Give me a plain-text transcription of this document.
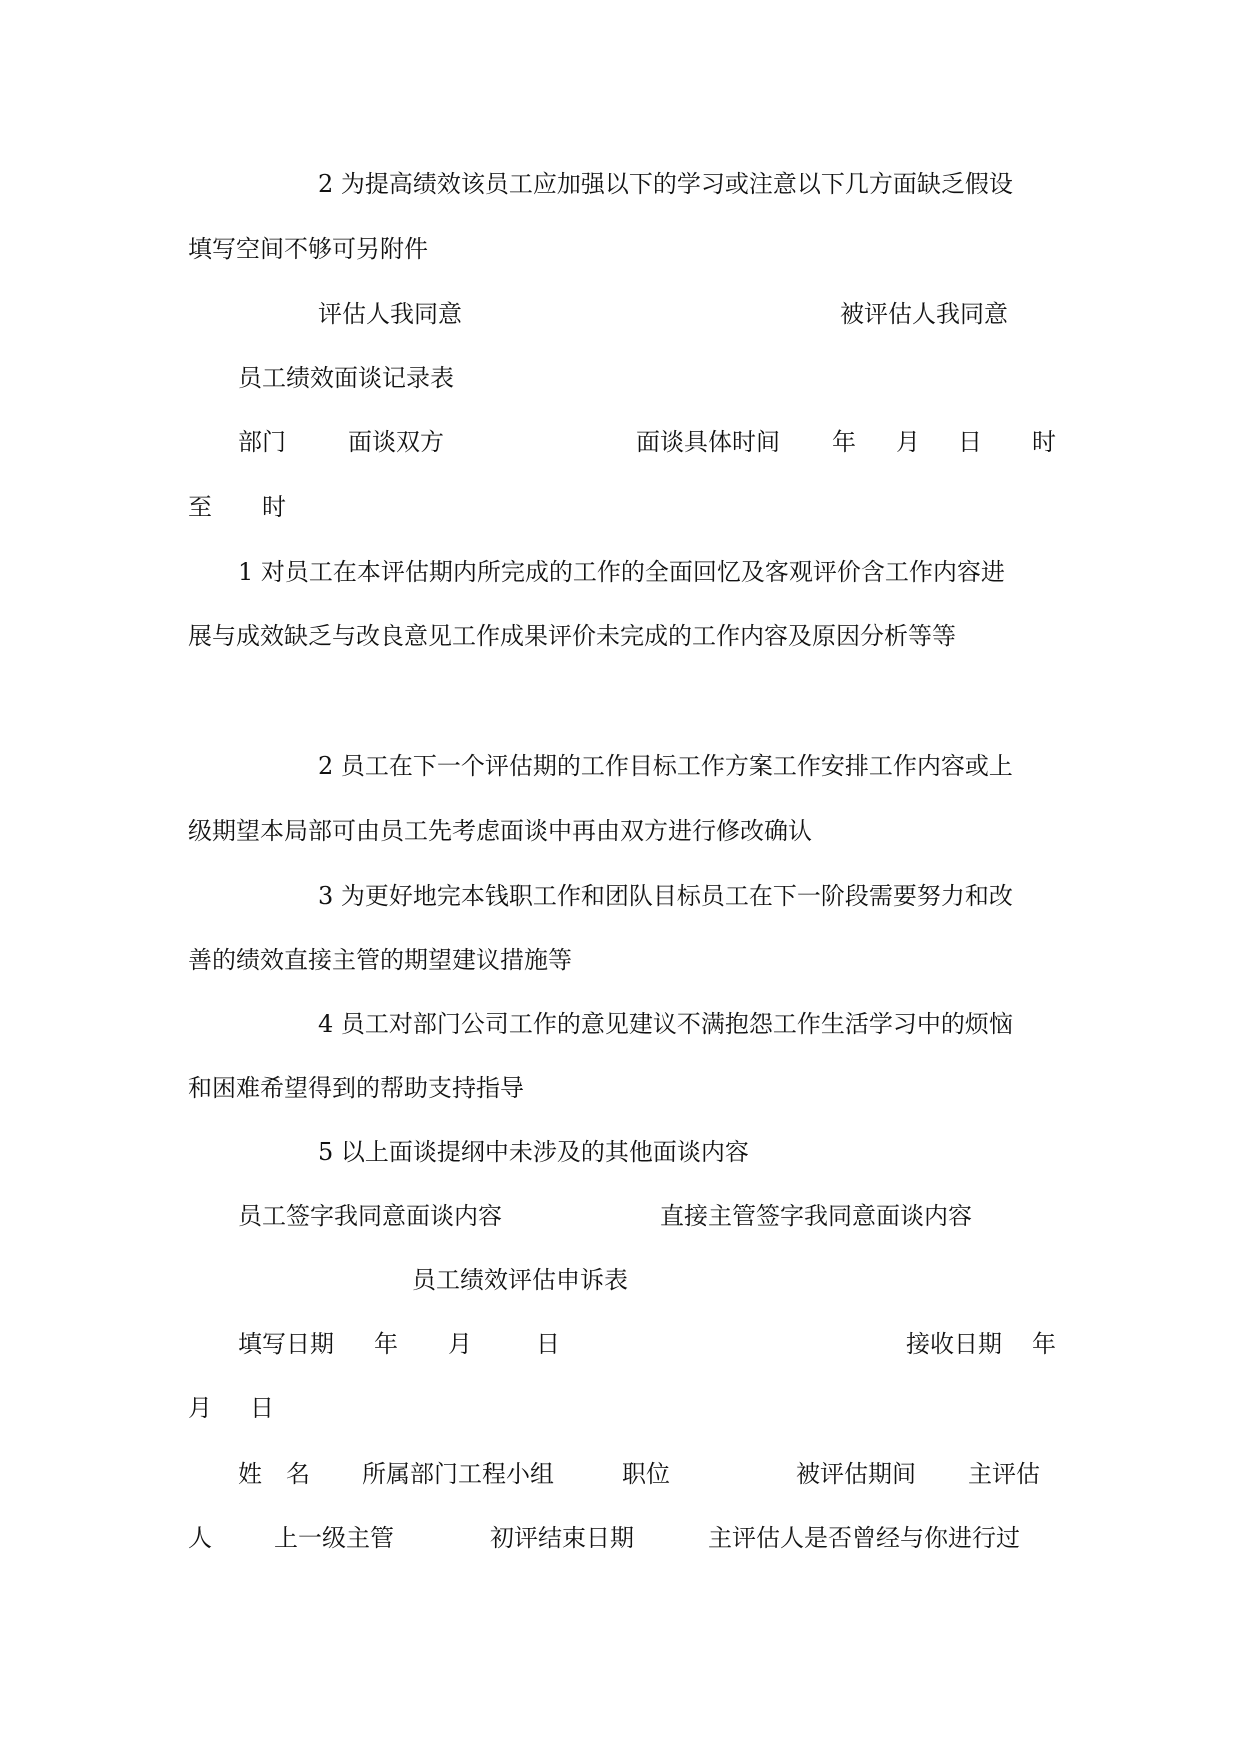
2 为提高绩效该员工应加强以下的学习或注意以下几方面缺乏假设
填写空间不够可另附件
评估人我同意	被评估人我同意
员工绩效面谈记录表
部门	面谈双方	面谈具体时间 年 月 日 时
至 时
1 对员工在本评估期内所完成的工作的全面回忆及客观评价含工作内容进
展与成效缺乏与改良意见工作成果评价未完成的工作内容及原因分析等等
2 员工在下一个评估期的工作目标工作方案工作安排工作内容或上
级期望本局部可由员工先考虑面谈中再由双方进行修改确认
3 为更好地完本钱职工作和团队目标员工在下一阶段需要努力和改
善的绩效直接主管的期望建议措施等
4 员工对部门公司工作的意见建议不满抱怨工作生活学习中的烦恼
和困难希望得到的帮助支持指导
5 以上面谈提纲中未涉及的其他面谈内容
员工签字我同意面谈内容	直接主管签字我同意面谈内容
员工绩效评估申诉表
填写日期 年 月	日	接收日期 年
月 日
姓 名 所属部门工程小组	职位	被评估期间 主评估
人	上一级主管	初评结束日期	主评估人是否曾经与你进行过
